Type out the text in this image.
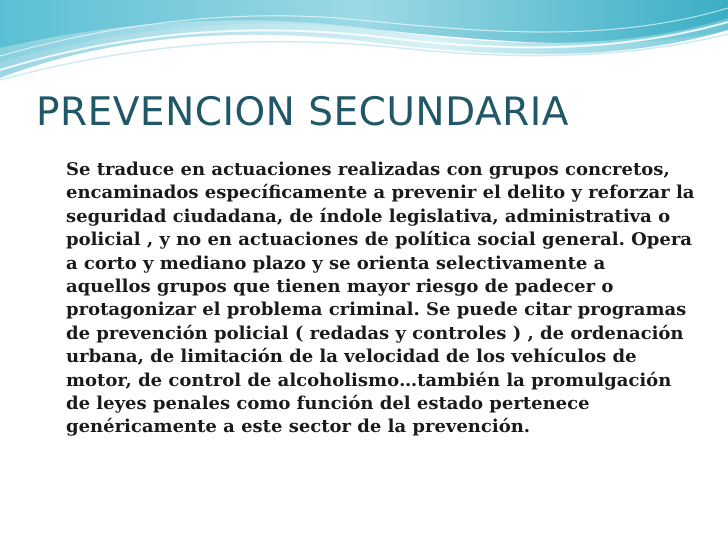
PREVENCION SECUNDARIA

Se traduce en actuaciones realizadas con grupos concretos, encaminados específicamente a prevenir el delito y reforzar la seguridad ciudadana, de índole legislativa, administrativa o policial , y no en actuaciones de política social general. Opera a corto y mediano plazo y se orienta selectivamente a aquellos grupos que tienen mayor riesgo de padecer o protagonizar el problema criminal. Se puede citar programas de prevención policial ( redadas y controles ) , de ordenación urbana, de limitación de la velocidad de los vehículos de motor, de control de alcoholismo…también la promulgación de leyes penales como función del estado pertenece genéricamente a este sector de la prevención.
